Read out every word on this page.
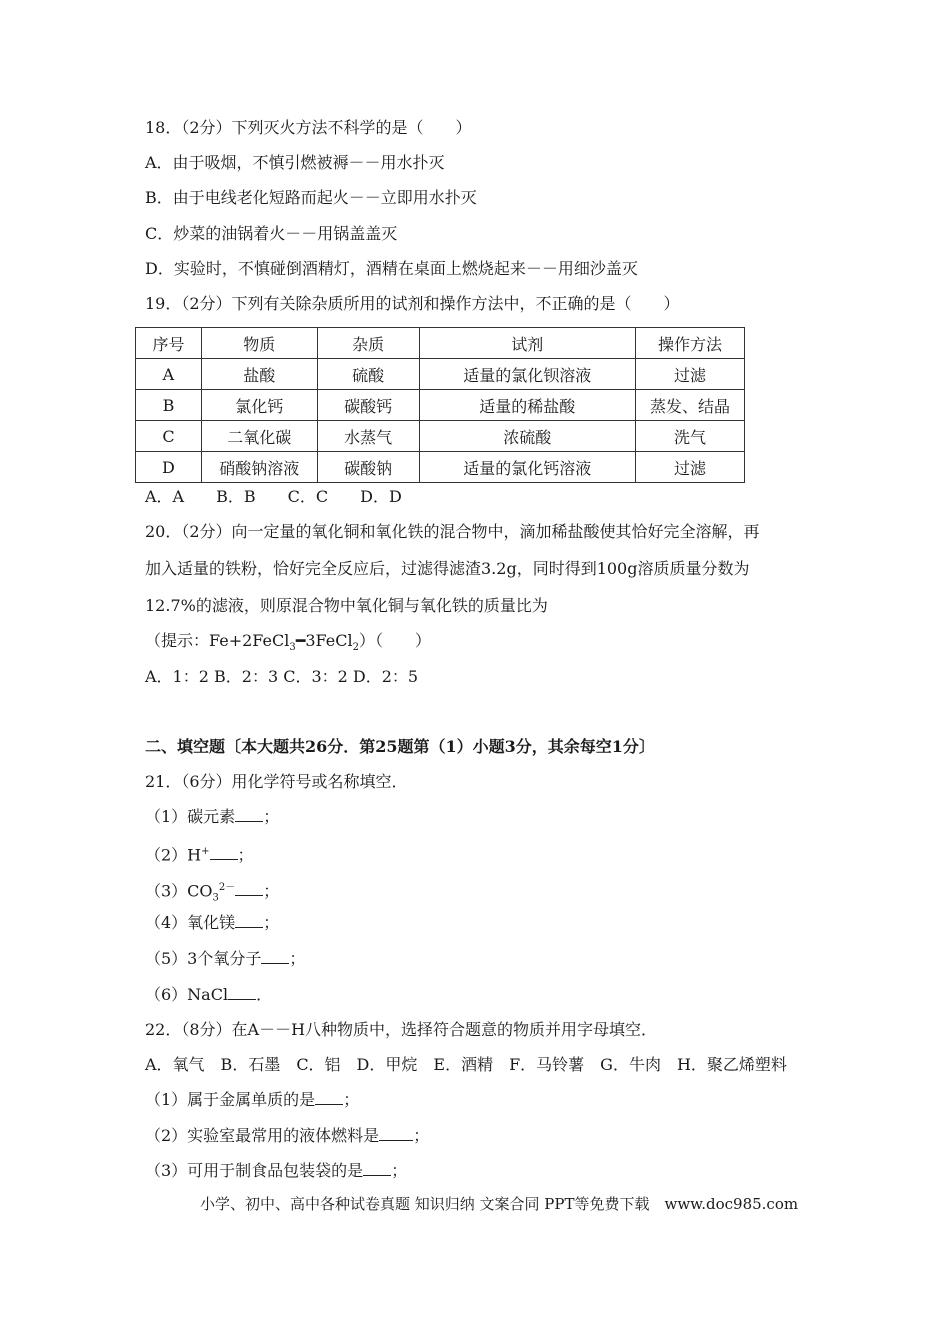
18．（2分）下列灭火方法不科学的是（　　）
A．由于吸烟，不慎引燃被褥－－用水扑灭
B．由于电线老化短路而起火－－立即用水扑灭
C．炒菜的油锅着火－－用锅盖盖灭
D．实验时，不慎碰倒酒精灯，酒精在桌面上燃烧起来－－用细沙盖灭
19．（2分）下列有关除杂质所用的试剂和操作方法中，不正确的是（　　）
序号	物质	杂质	试剂	操作方法
A	盐酸	硫酸	适量的氯化钡溶液	过滤
B	氯化钙	碳酸钙	适量的稀盐酸	蒸发、结晶
C	二氧化碳	水蒸气	浓硫酸	洗气
D	硝酸钠溶液	碳酸钠	适量的氯化钙溶液	过滤
A．A　　B．B　　C．C　　D．D
20．（2分）向一定量的氧化铜和氧化铁的混合物中，滴加稀盐酸使其恰好完全溶解，再
加入适量的铁粉，恰好完全反应后，过滤得滤渣3.2g，同时得到100g溶质质量分数为
12.7%的滤液，则原混合物中氧化铜与氧化铁的质量比为
（提示：Fe+2FeCl$_3$━3FeCl$_2$）（　　）
A．1：2 B．2：3 C．3：2 D．2：5
二、填空题〔本大题共26分．第25题第（1）小题3分，其余每空1分〕
21．（6分）用化学符号或名称填空．
（1）碳元素 ；
（2）H+ ；
$(3)CO_3^{2-}$ ；
（4）氧化镁 ；
（5）3个氧分子 ；
（6）NaCl ．
22．（8分）在A－－H八种物质中，选择符合题意的物质并用字母填空．
A．氧气　B．石墨　C．铝　D．甲烷　E．酒精　F．马铃薯　G．牛肉　H．聚乙烯塑料
（1）属于金属单质的是 ；
（2）实验室最常用的液体燃料是 ；
（3）可用于制食品包装袋的是 ；
小学、初中、高中各种试卷真题 知识归纳 文案合同 PPT等免费下载　www.doc985.com
